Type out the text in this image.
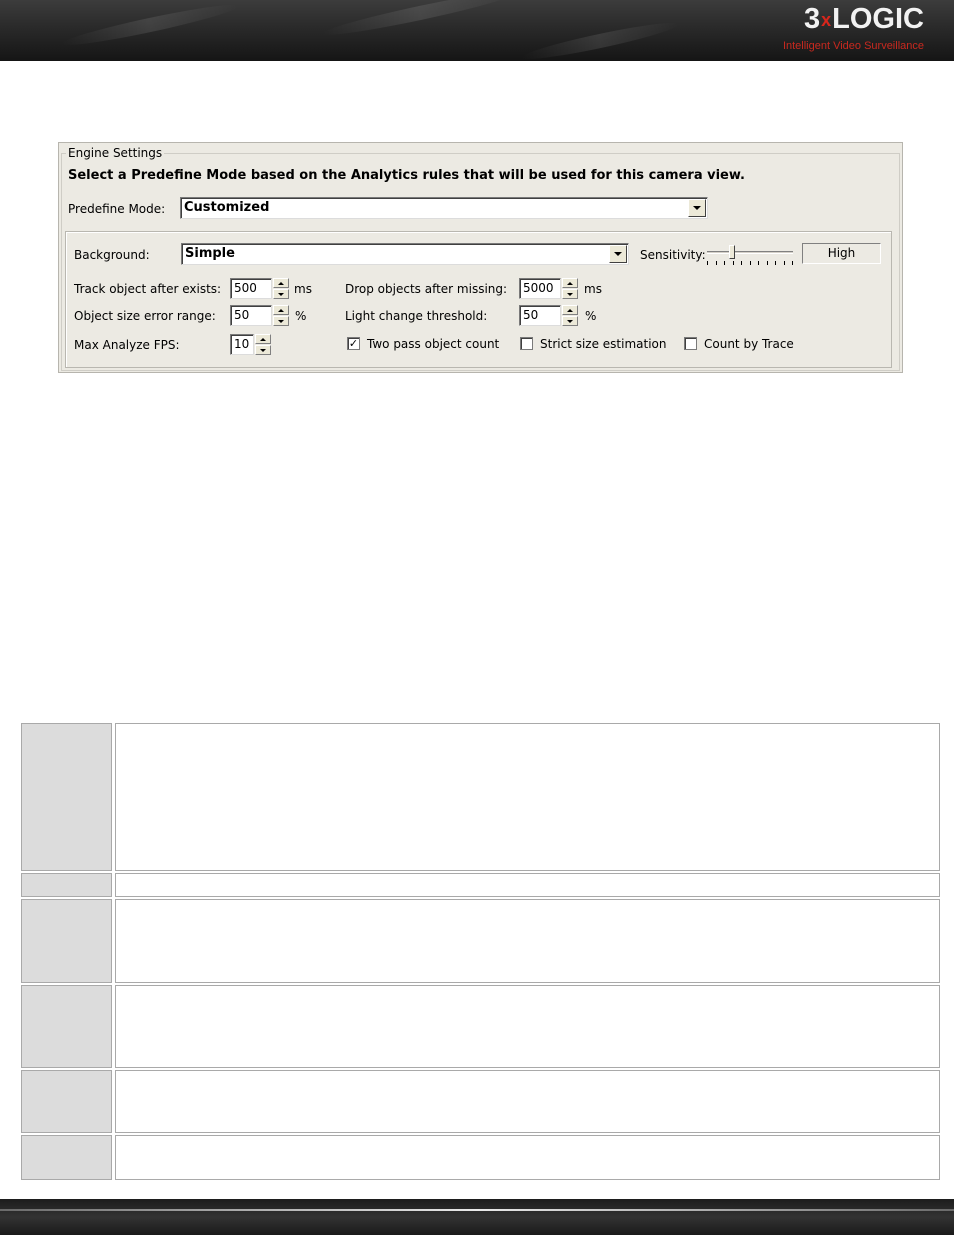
3xLOGIC
Intelligent Video Surveillance
Engine Settings
Select a Predefine Mode based on the Analytics rules that will be used for this camera view.
Predefine Mode: Customized
Background:	Simple	Sensitivity:	High
Track object after exists: 500	ms	Drop objects after missing: 5000	ms
Object size error range: 50	%	Light change threshold:	50	%
Max Analyze FPS:	10	✓ Two pass object count	Strict size estimation	Count by Trace
